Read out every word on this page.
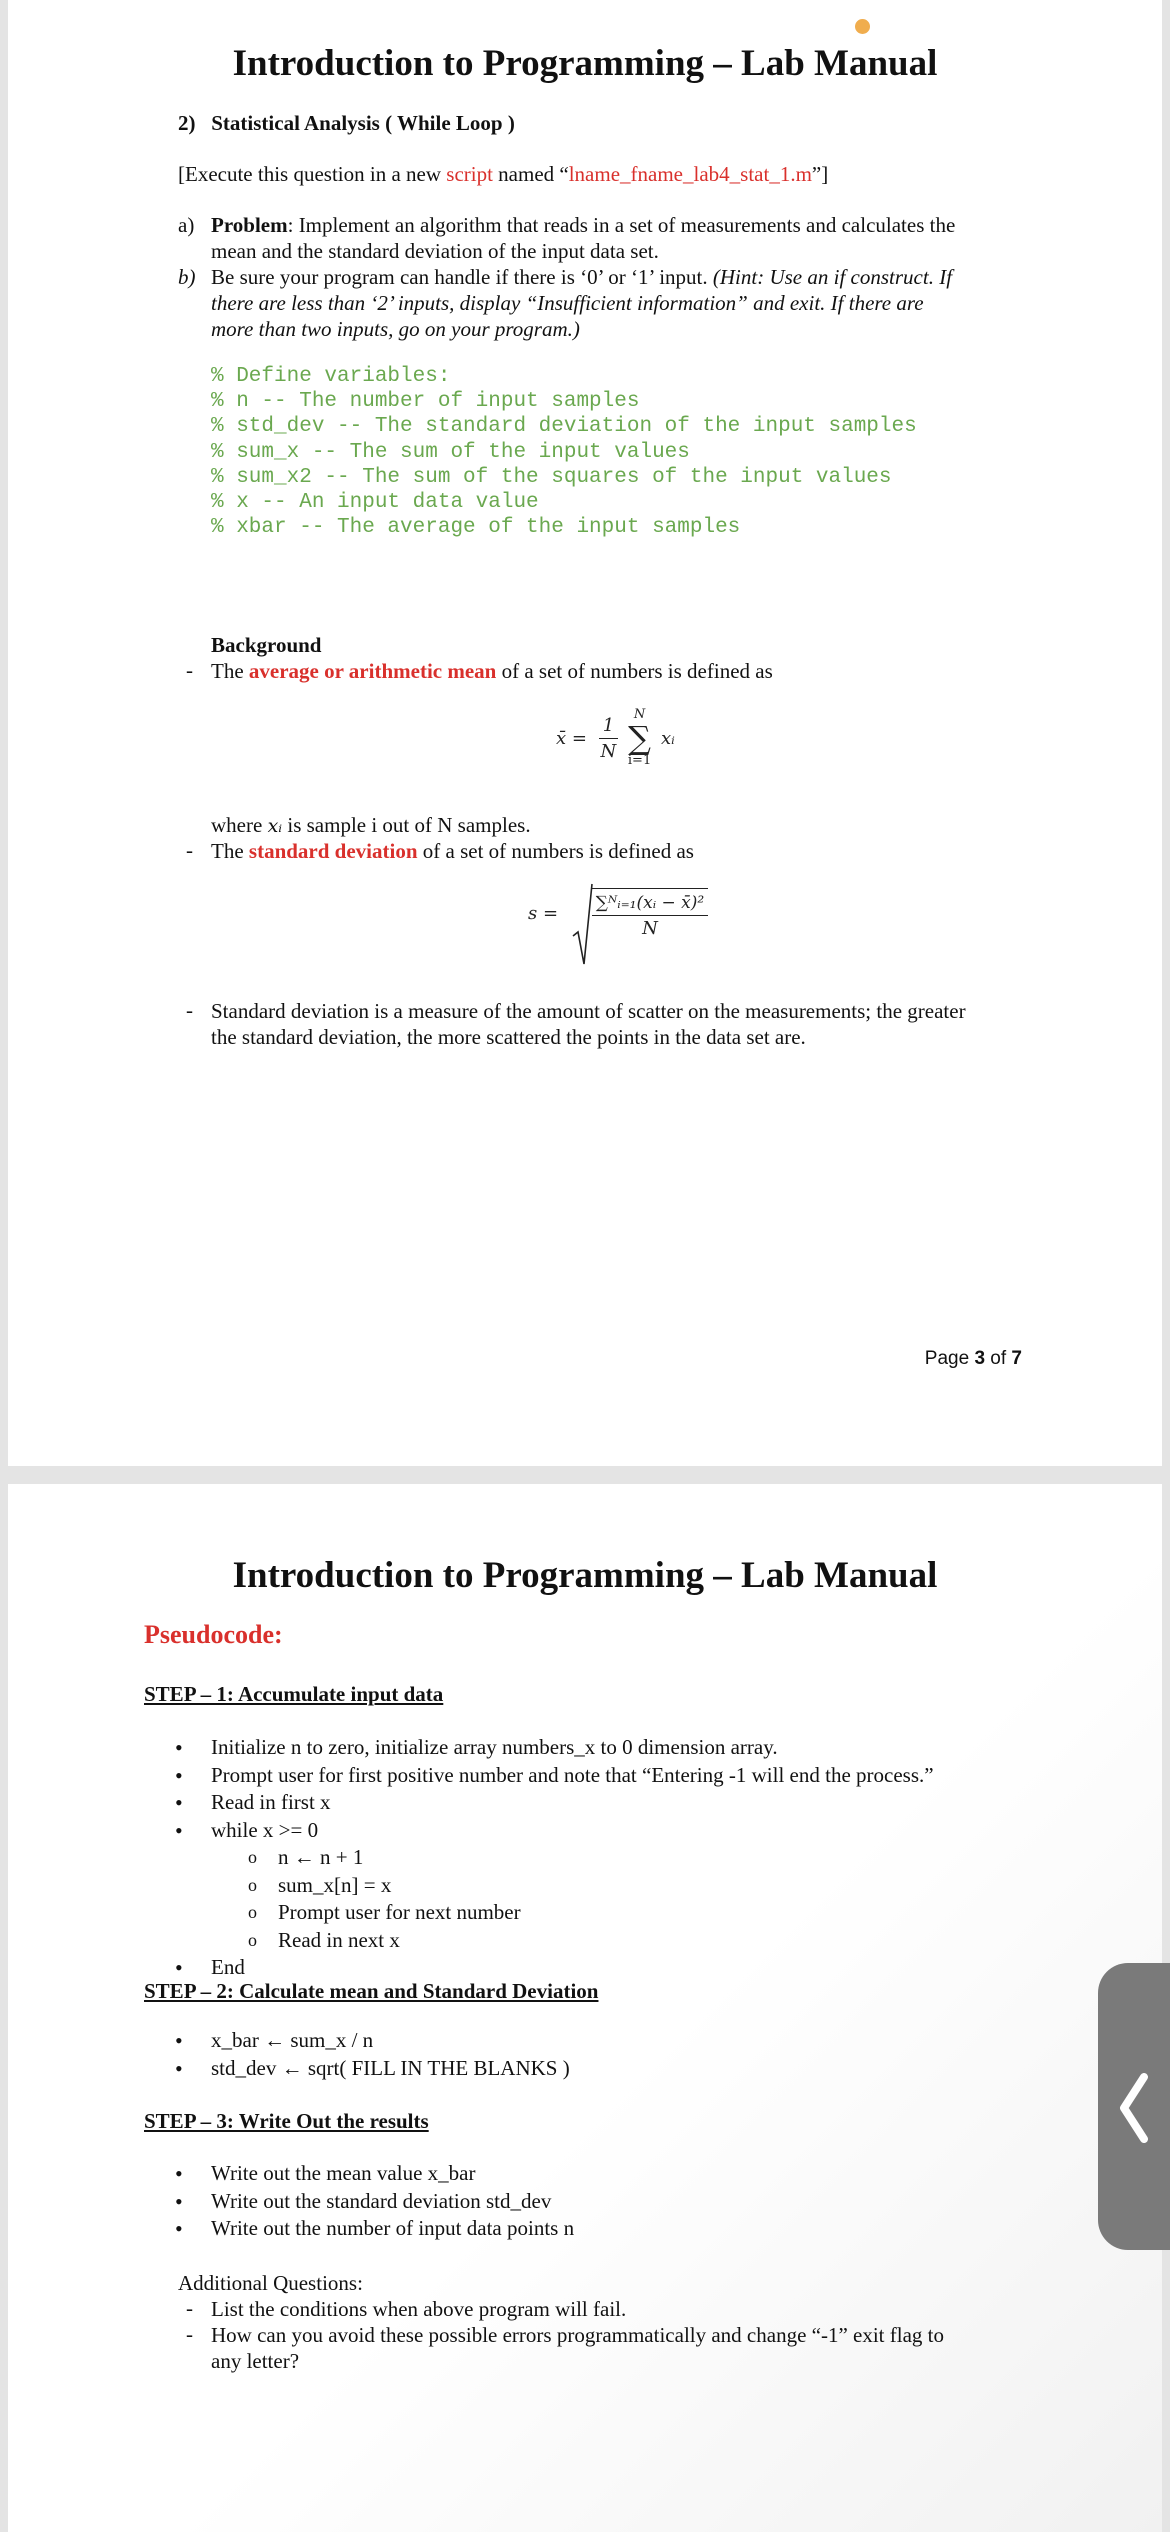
Introduction to Programming – Lab Manual
2) Statistical Analysis ( While Loop )
[Execute this question in a new script named “lname_fname_lab4_stat_1.m”]
a) Problem: Implement an algorithm that reads in a set of measurements and calculates the
mean and the standard deviation of the input data set.
b) Be sure your program can handle if there is ‘0’ or ‘1’ input. (Hint: Use an if construct. If
there are less than ‘2’ inputs, display “Insufficient information” and exit. If there are
more than two inputs, go on your program.)
% Define variables:
% n -- The number of input samples
% std_dev -- The standard deviation of the input samples
% sum_x -- The sum of the input values
% sum_x2 -- The sum of the squares of the input values
% x -- An input data value
% xbar -- The average of the input samples
Background
- The average or arithmetic mean of a set of numbers is defined as
x̄ = $\frac{1}{N}$
N
∑
i=1
xᵢ
where xᵢ is sample i out of N samples.
- The standard deviation of a set of numbers is defined as
$s = \frac{\text{∑ᴺᵢ₌₁(xᵢ − x̄)²}}{N}$
- Standard deviation is a measure of the amount of scatter on the measurements; the greater
the standard deviation, the more scattered the points in the data set are.
Page 3 of 7
Introduction to Programming – Lab Manual
Pseudocode:
STEP – 1: Accumulate input data
• Initialize n to zero, initialize array numbers_x to 0 dimension array.
• Prompt user for first positive number and note that “Entering -1 will end the process.”
• Read in first x
• while x >= 0
o n ← n + 1
o sum_x[n] = x
o Prompt user for next number
o Read in next x
• End
STEP – 2: Calculate mean and Standard Deviation
• x_bar ← sum_x / n
• std_dev ← sqrt( FILL IN THE BLANKS )
STEP – 3: Write Out the results
• Write out the mean value x_bar
• Write out the standard deviation std_dev
• Write out the number of input data points n
Additional Questions:
- List the conditions when above program will fail.
- How can you avoid these possible errors programmatically and change “-1” exit flag to
any letter?
